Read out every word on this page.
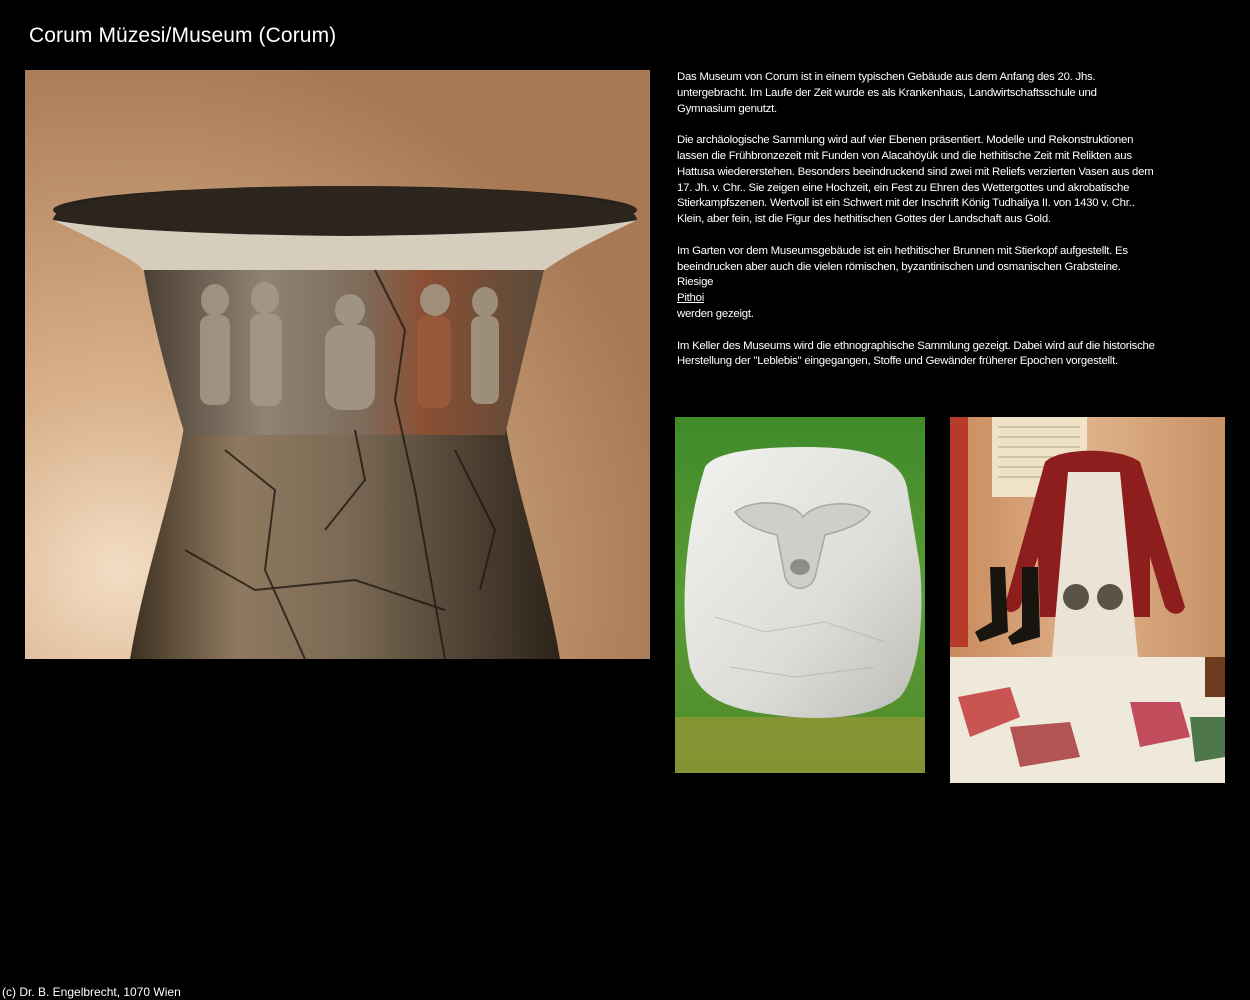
Corum Müzesi/Museum (Corum)

Das Museum von Corum ist in einem typischen Gebäude aus dem Anfang des 20. Jhs. untergebracht. Im Laufe der Zeit wurde es als Krankenhaus, Landwirtschaftsschule und Gymnasium genutzt.

Die archäologische Sammlung wird auf vier Ebenen präsentiert. Modelle und Rekonstruktionen lassen die Frühbronzezeit mit Funden von Alacahöyük und die hethitische Zeit mit Relikten aus Hattusa wiedererstehen. Besonders beeindruckend sind zwei mit Reliefs verzierten Vasen aus dem 17. Jh. v. Chr.. Sie zeigen eine Hochzeit, ein Fest zu Ehren des Wettergottes und akrobatische Stierkampfszenen. Wertvoll ist ein Schwert mit der Inschrift König Tudhaliya II. von 1430 v. Chr.. Klein, aber fein, ist die Figur des hethitischen Gottes der Landschaft aus Gold.

Im Garten vor dem Museumsgebäude ist ein hethitischer Brunnen mit Stierkopf aufgestellt. Es beeindrucken aber auch die vielen römischen, byzantinischen und osmanischen Grabsteine. Riesige
Pithoi
werden gezeigt.

Im Keller des Museums wird die ethnographische Sammlung gezeigt. Dabei wird auf die historische Herstellung der "Leblebis" eingegangen, Stoffe und Gewänder früherer Epochen vorgestellt.

(c) Dr. B. Engelbrecht, 1070 Wien
